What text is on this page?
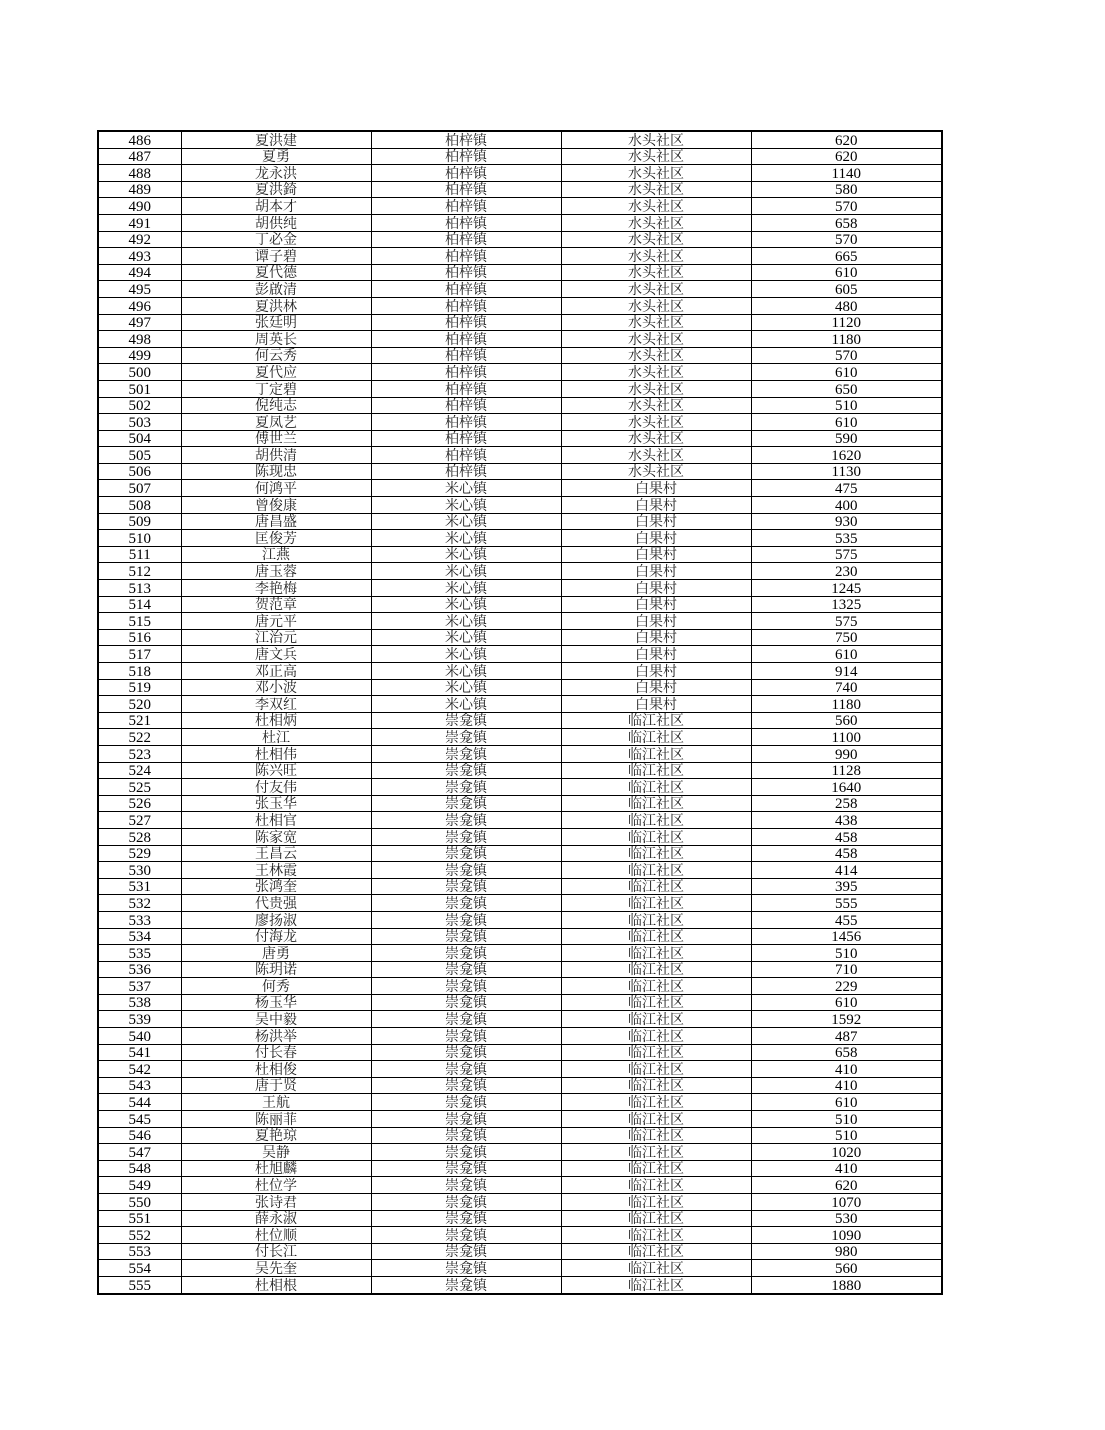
486	夏洪建	柏梓镇	水头社区	620
487	夏勇	柏梓镇	水头社区	620
488	龙永洪	柏梓镇	水头社区	1140
489	夏洪錡	柏梓镇	水头社区	580
490	胡本才	柏梓镇	水头社区	570
491	胡供纯	柏梓镇	水头社区	658
492	丁必金	柏梓镇	水头社区	570
493	谭子碧	柏梓镇	水头社区	665
494	夏代德	柏梓镇	水头社区	610
495	彭啟清	柏梓镇	水头社区	605
496	夏洪林	柏梓镇	水头社区	480
497	张廷明	柏梓镇	水头社区	1120
498	周英长	柏梓镇	水头社区	1180
499	何云秀	柏梓镇	水头社区	570
500	夏代应	柏梓镇	水头社区	610
501	丁定碧	柏梓镇	水头社区	650
502	倪纯志	柏梓镇	水头社区	510
503	夏凤艺	柏梓镇	水头社区	610
504	傅世兰	柏梓镇	水头社区	590
505	胡供清	柏梓镇	水头社区	1620
506	陈现忠	柏梓镇	水头社区	1130
507	何鸿平	米心镇	白果村	475
508	曾俊康	米心镇	白果村	400
509	唐昌盛	米心镇	白果村	930
510	匡俊芳	米心镇	白果村	535
511	江燕	米心镇	白果村	575
512	唐玉蓉	米心镇	白果村	230
513	李艳梅	米心镇	白果村	1245
514	贺范章	米心镇	白果村	1325
515	唐元平	米心镇	白果村	575
516	江治元	米心镇	白果村	750
517	唐文兵	米心镇	白果村	610
518	邓正高	米心镇	白果村	914
519	邓小波	米心镇	白果村	740
520	李双红	米心镇	白果村	1180
521	杜相炳	崇龛镇	临江社区	560
522	杜江	崇龛镇	临江社区	1100
523	杜相伟	崇龛镇	临江社区	990
524	陈兴旺	崇龛镇	临江社区	1128
525	付友伟	崇龛镇	临江社区	1640
526	张玉华	崇龛镇	临江社区	258
527	杜相官	崇龛镇	临江社区	438
528	陈家宽	崇龛镇	临江社区	458
529	王昌云	崇龛镇	临江社区	458
530	王林霞	崇龛镇	临江社区	414
531	张鸿奎	崇龛镇	临江社区	395
532	代贵强	崇龛镇	临江社区	555
533	廖扬淑	崇龛镇	临江社区	455
534	付海龙	崇龛镇	临江社区	1456
535	唐勇	崇龛镇	临江社区	510
536	陈玥诺	崇龛镇	临江社区	710
537	何秀	崇龛镇	临江社区	229
538	杨玉华	崇龛镇	临江社区	610
539	吴中毅	崇龛镇	临江社区	1592
540	杨洪举	崇龛镇	临江社区	487
541	付长春	崇龛镇	临江社区	658
542	杜相俊	崇龛镇	临江社区	410
543	唐于贤	崇龛镇	临江社区	410
544	王航	崇龛镇	临江社区	610
545	陈丽菲	崇龛镇	临江社区	510
546	夏艳琼	崇龛镇	临江社区	510
547	吴静	崇龛镇	临江社区	1020
548	杜旭麟	崇龛镇	临江社区	410
549	杜位学	崇龛镇	临江社区	620
550	张诗君	崇龛镇	临江社区	1070
551	薛永淑	崇龛镇	临江社区	530
552	杜位顺	崇龛镇	临江社区	1090
553	付长江	崇龛镇	临江社区	980
554	吴先奎	崇龛镇	临江社区	560
555	杜相根	崇龛镇	临江社区	1880
